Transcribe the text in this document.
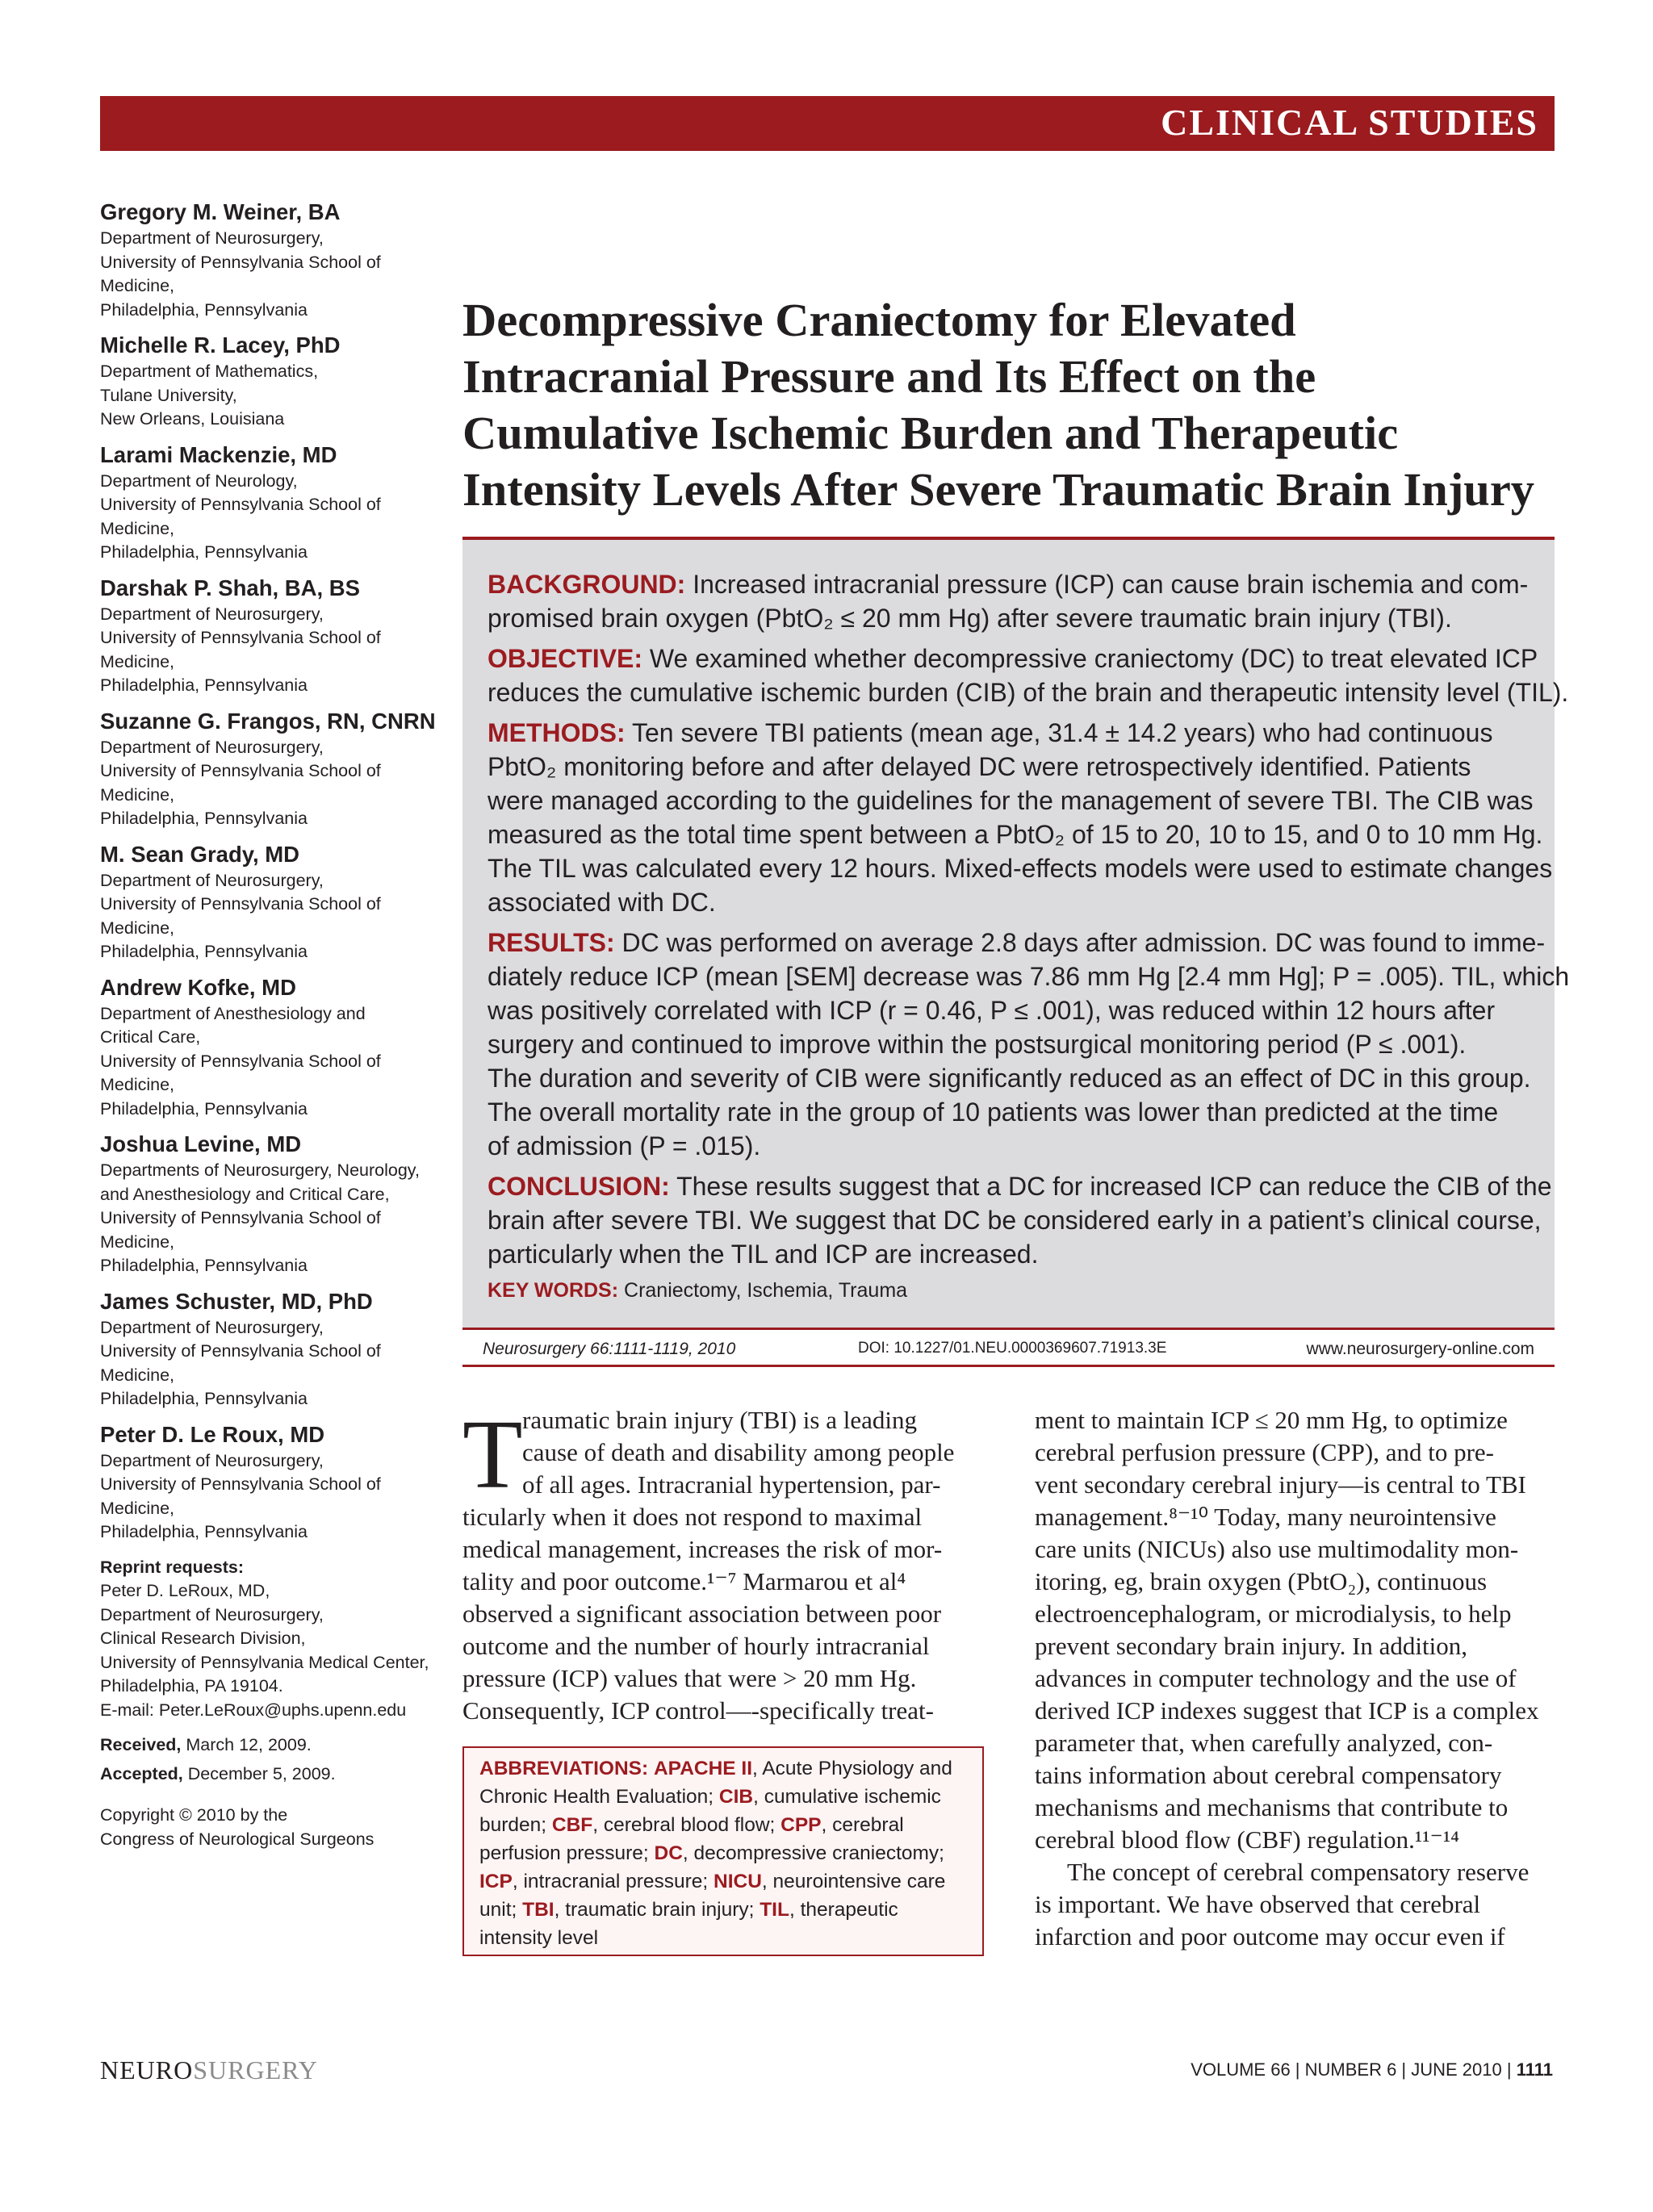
CLINICAL STUDIES
Gregory M. Weiner, BA
Department of Neurosurgery,
University of Pennsylvania School of
Medicine,
Philadelphia, Pennsylvania
Michelle R. Lacey, PhD
Department of Mathematics,
Tulane University,
New Orleans, Louisiana
Larami Mackenzie, MD
Department of Neurology,
University of Pennsylvania School of
Medicine,
Philadelphia, Pennsylvania
Darshak P. Shah, BA, BS
Department of Neurosurgery,
University of Pennsylvania School of
Medicine,
Philadelphia, Pennsylvania
Suzanne G. Frangos, RN, CNRN
Department of Neurosurgery,
University of Pennsylvania School of
Medicine,
Philadelphia, Pennsylvania
M. Sean Grady, MD
Department of Neurosurgery,
University of Pennsylvania School of
Medicine,
Philadelphia, Pennsylvania
Andrew Kofke, MD
Department of Anesthesiology and
Critical Care,
University of Pennsylvania School of
Medicine,
Philadelphia, Pennsylvania
Joshua Levine, MD
Departments of Neurosurgery, Neurology,
and Anesthesiology and Critical Care,
University of Pennsylvania School of
Medicine,
Philadelphia, Pennsylvania
James Schuster, MD, PhD
Department of Neurosurgery,
University of Pennsylvania School of
Medicine,
Philadelphia, Pennsylvania
Peter D. Le Roux, MD
Department of Neurosurgery,
University of Pennsylvania School of
Medicine,
Philadelphia, Pennsylvania
Reprint requests:
Peter D. LeRoux, MD,
Department of Neurosurgery,
Clinical Research Division,
University of Pennsylvania Medical Center,
Philadelphia, PA 19104.
E-mail: Peter.LeRoux@uphs.upenn.edu
Received, March 12, 2009.
Accepted, December 5, 2009.
Copyright © 2010 by the
Congress of Neurological Surgeons
Decompressive Craniectomy for Elevated
Intracranial Pressure and Its Effect on the
Cumulative Ischemic Burden and Therapeutic
Intensity Levels After Severe Traumatic Brain Injury
BACKGROUND: Increased intracranial pressure (ICP) can cause brain ischemia and com-
promised brain oxygen (PbtO₂ ≤ 20 mm Hg) after severe traumatic brain injury (TBI).
OBJECTIVE: We examined whether decompressive craniectomy (DC) to treat elevated ICP
reduces the cumulative ischemic burden (CIB) of the brain and therapeutic intensity level (TIL).
METHODS: Ten severe TBI patients (mean age, 31.4 ± 14.2 years) who had continuous
PbtO₂ monitoring before and after delayed DC were retrospectively identified. Patients
were managed according to the guidelines for the management of severe TBI. The CIB was
measured as the total time spent between a PbtO₂ of 15 to 20, 10 to 15, and 0 to 10 mm Hg.
The TIL was calculated every 12 hours. Mixed-effects models were used to estimate changes
associated with DC.
RESULTS: DC was performed on average 2.8 days after admission. DC was found to imme-
diately reduce ICP (mean [SEM] decrease was 7.86 mm Hg [2.4 mm Hg]; P = .005). TIL, which
was positively correlated with ICP (r = 0.46, P ≤ .001), was reduced within 12 hours after
surgery and continued to improve within the postsurgical monitoring period (P ≤ .001).
The duration and severity of CIB were significantly reduced as an effect of DC in this group.
The overall mortality rate in the group of 10 patients was lower than predicted at the time
of admission (P = .015).
CONCLUSION: These results suggest that a DC for increased ICP can reduce the CIB of the
brain after severe TBI. We suggest that DC be considered early in a patient’s clinical course,
particularly when the TIL and ICP are increased.
KEY WORDS: Craniectomy, Ischemia, Trauma
Neurosurgery 66:1111-1119, 2010	DOI: 10.1227/01.NEU.0000369607.71913.3E	www.neurosurgery-online.com
T raumatic brain injury (TBI) is a leading
cause of death and disability among people
of all ages. Intracranial hypertension, par-
ticularly when it does not respond to maximal
medical management, increases the risk of mor-
tality and poor outcome.¹⁻⁷ Marmarou et al⁴
observed a significant association between poor
outcome and the number of hourly intracranial
pressure (ICP) values that were > 20 mm Hg.
Consequently, ICP control—-specifically treat-
ment to maintain ICP ≤ 20 mm Hg, to optimize
cerebral perfusion pressure (CPP), and to pre-
vent secondary cerebral injury—is central to TBI
management.⁸⁻¹⁰ Today, many neurointensive
care units (NICUs) also use multimodality mon-
itoring, eg, brain oxygen (PbtO₂), continuous
electroencephalogram, or microdialysis, to help
prevent secondary brain injury. In addition,
advances in computer technology and the use of
derived ICP indexes suggest that ICP is a complex
parameter that, when carefully analyzed, con-
tains information about cerebral compensatory
mechanisms and mechanisms that contribute to
cerebral blood flow (CBF) regulation.¹¹⁻¹⁴
The concept of cerebral compensatory reserve
is important. We have observed that cerebral
infarction and poor outcome may occur even if
ABBREVIATIONS: APACHE II, Acute Physiology and Chronic Health Evaluation; CIB, cumulative ischemic burden; CBF, cerebral blood flow; CPP, cerebral perfusion pressure; DC, decompressive craniectomy; ICP, intracranial pressure; NICU, neurointensive care unit; TBI, traumatic brain injury; TIL, therapeutic intensity level
NEUROSURGERY	VOLUME 66 | NUMBER 6 | JUNE 2010 | 1111
